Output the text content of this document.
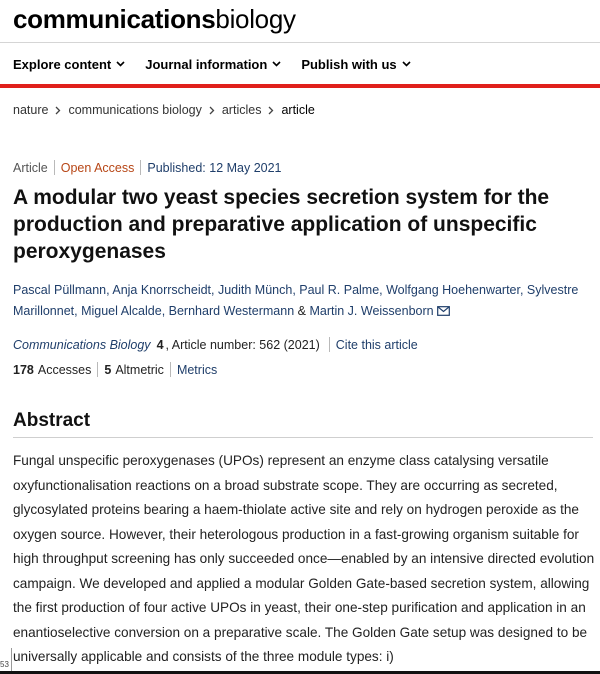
communicationsbiology
Explore content	Journal information	Publish with us
nature communications biology articles article
Article Open Access Published: 12 May 2021
A modular two yeast species secretion system for the production and preparative application of unspecific peroxygenases
Pascal Püllmann, Anja Knorrscheidt, Judith Münch, Paul R. Palme, Wolfgang Hoehenwarter, Sylvestre Marillonnet, Miguel Alcalde, Bernhard Westermann & Martin J. Weissenborn
Communications Biology 4 , Article number: 562 (2021) Cite this article
178 Accesses 5 Altmetric Metrics
Abstract

Fungal unspecific peroxygenases (UPOs) represent an enzyme class catalysing versatile oxyfunctionalisation reactions on a broad substrate scope. They are occurring as secreted, glycosylated proteins bearing a haem-thiolate active site and rely on hydrogen peroxide as the oxygen source. However, their heterologous production in a fast-growing organism suitable for high throughput screening has only succeeded once—enabled by an intensive directed evolution campaign. We developed and applied a modular Golden Gate-based secretion system, allowing the first production of four active UPOs in yeast, their one-step purification and application in an enantioselective conversion on a preparative scale. The Golden Gate setup was designed to be universally applicable and consists of the three module types: i)

53
